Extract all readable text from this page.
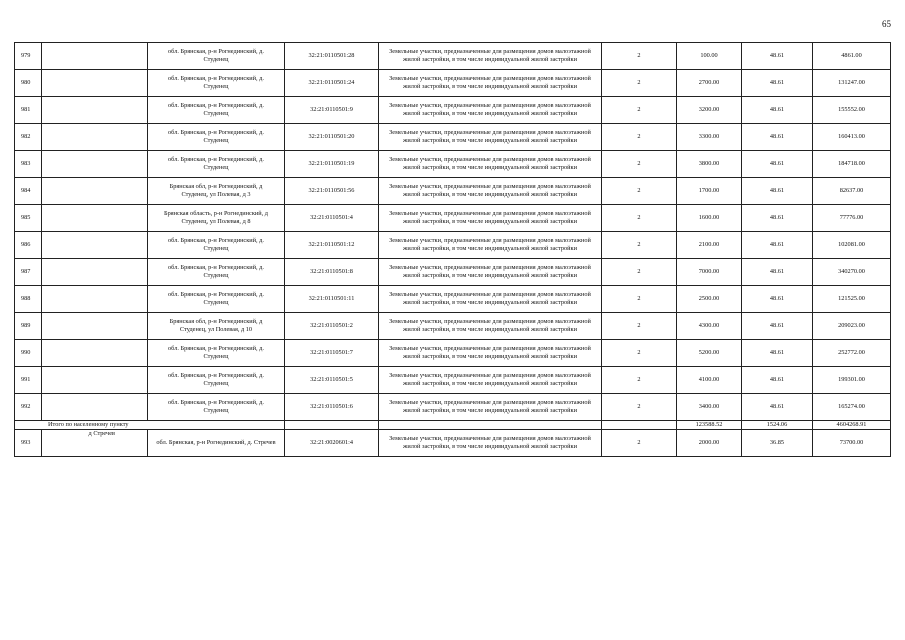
65
979		обл. Брянская, р-н Рогнединский, д. Студенец	32:21:0110501:28	Земельные участки, предназначенные для размещения домов малоэтажной жилой застройки, в том числе индивидуальной жилой застройки	2	100.00	48.61	4861.00
980		обл. Брянская, р-н Рогнединский, д. Студенец	32:21:0110501:24	Земельные участки, предназначенные для размещения домов малоэтажной жилой застройки, в том числе индивидуальной жилой застройки	2	2700.00	48.61	131247.00
981		обл. Брянская, р-н Рогнединский, д. Студенец	32:21:0110501:9	Земельные участки, предназначенные для размещения домов малоэтажной жилой застройки, в том числе индивидуальной жилой застройки	2	3200.00	48.61	155552.00
982		обл. Брянская, р-н Рогнединский, д. Студенец	32:21:0110501:20	Земельные участки, предназначенные для размещения домов малоэтажной жилой застройки, в том числе индивидуальной жилой застройки	2	3300.00	48.61	160413.00
983		обл. Брянская, р-н Рогнединский, д. Студенец	32:21:0110501:19	Земельные участки, предназначенные для размещения домов малоэтажной жилой застройки, в том числе индивидуальной жилой застройки	2	3800.00	48.61	184718.00
984		Брянская обл, р-н Рогнединский, д Студенец, ул Полевая, д 3	32:21:0110501:56	Земельные участки, предназначенные для размещения домов малоэтажной жилой застройки, в том числе индивидуальной жилой застройки	2	1700.00	48.61	82637.00
985		Брянская область, р-н Рогнединский, д Студенец, ул Полевая, д 8	32:21:0110501:4	Земельные участки, предназначенные для размещения домов малоэтажной жилой застройки, в том числе индивидуальной жилой застройки	2	1600.00	48.61	77776.00
986		обл. Брянская, р-н Рогнединский, д. Студенец	32:21:0110501:12	Земельные участки, предназначенные для размещения домов малоэтажной жилой застройки, в том числе индивидуальной жилой застройки	2	2100.00	48.61	102081.00
987		обл. Брянская, р-н Рогнединский, д. Студенец	32:21:0110501:8	Земельные участки, предназначенные для размещения домов малоэтажной жилой застройки, в том числе индивидуальной жилой застройки	2	7000.00	48.61	340270.00
988		обл. Брянская, р-н Рогнединский, д. Студенец	32:21:0110501:11	Земельные участки, предназначенные для размещения домов малоэтажной жилой застройки, в том числе индивидуальной жилой застройки	2	2500.00	48.61	121525.00
989		Брянская обл, р-н Рогнединский, д Студенец, ул Полевая, д 10	32:21:0110501:2	Земельные участки, предназначенные для размещения домов малоэтажной жилой застройки, в том числе индивидуальной жилой застройки	2	4300.00	48.61	209023.00
990		обл. Брянская, р-н Рогнединский, д. Студенец	32:21:0110501:7	Земельные участки, предназначенные для размещения домов малоэтажной жилой застройки, в том числе индивидуальной жилой застройки	2	5200.00	48.61	252772.00
991		обл. Брянская, р-н Рогнединский, д. Студенец	32:21:0110501:5	Земельные участки, предназначенные для размещения домов малоэтажной жилой застройки, в том числе индивидуальной жилой застройки	2	4100.00	48.61	199301.00
992		обл. Брянская, р-н Рогнединский, д. Студенец	32:21:0110501:6	Земельные участки, предназначенные для размещения домов малоэтажной жилой застройки, в том числе индивидуальной жилой застройки	2	3400.00	48.61	165274.00
Итого по населенному пункту						123588.52	1524.06	4604268.91
993	д Стречев	обл. Брянская, р-н Рогнединский, д. Стречев	32:21:0020601:4	Земельные участки, предназначенные для размещения домов малоэтажной жилой застройки, в том числе индивидуальной жилой застройки	2	2000.00	36.85	73700.00
